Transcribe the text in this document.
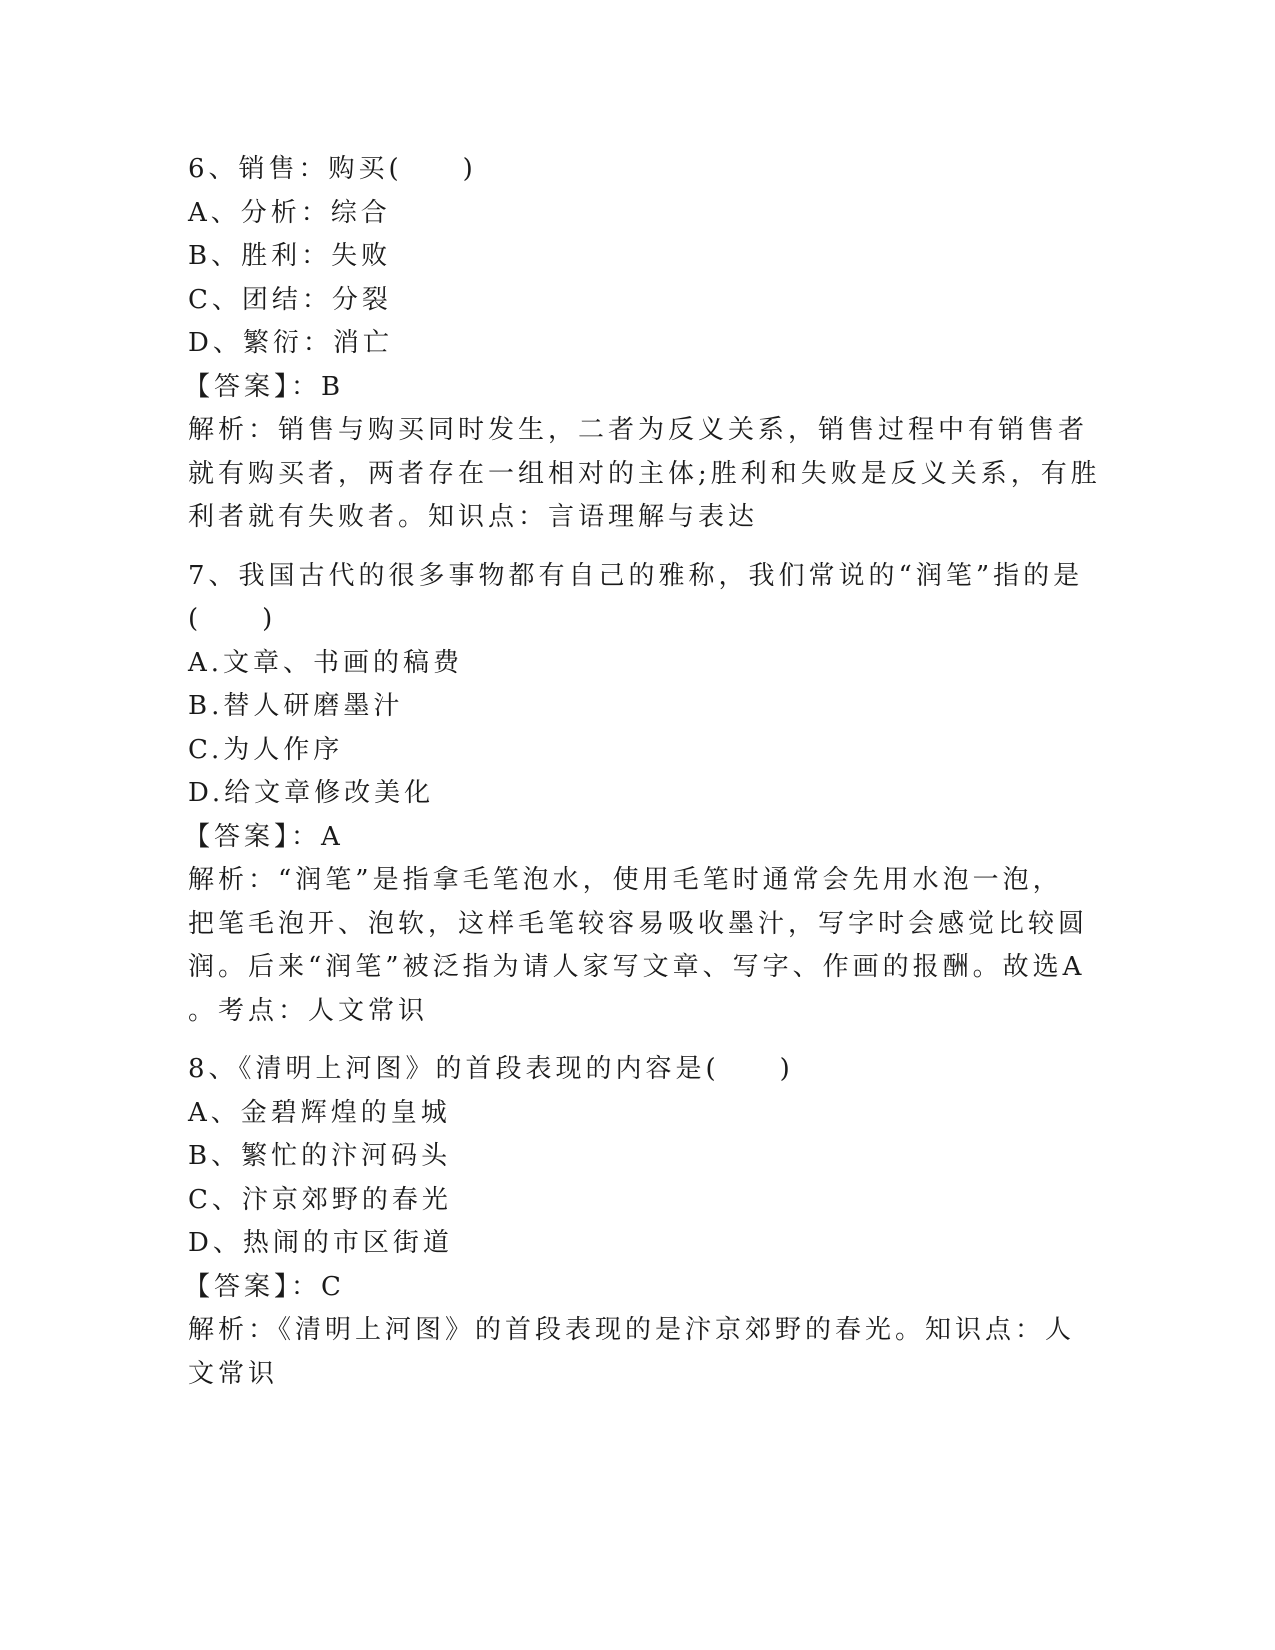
6、销售：购买(　　)
A、分析：综合
B、胜利：失败
C、团结：分裂
D、繁衍：消亡
【答案】：B
解析：销售与购买同时发生，二者为反义关系，销售过程中有销售者
就有购买者，两者存在一组相对的主体;胜利和失败是反义关系，有胜
利者就有失败者。知识点：言语理解与表达
7、我国古代的很多事物都有自己的雅称，我们常说的“润笔”指的是
(　　)
A.文章、书画的稿费
B.替人研磨墨汁
C.为人作序
D.给文章修改美化
【答案】：A
解析：“润笔”是指拿毛笔泡水，使用毛笔时通常会先用水泡一泡，
把笔毛泡开、泡软，这样毛笔较容易吸收墨汁，写字时会感觉比较圆
润。后来“润笔”被泛指为请人家写文章、写字、作画的报酬。故选A
。考点：人文常识
8、《清明上河图》的首段表现的内容是(　　)
A、金碧辉煌的皇城
B、繁忙的汴河码头
C、汴京郊野的春光
D、热闹的市区街道
【答案】：C
解析：《清明上河图》的首段表现的是汴京郊野的春光。知识点：人
文常识
